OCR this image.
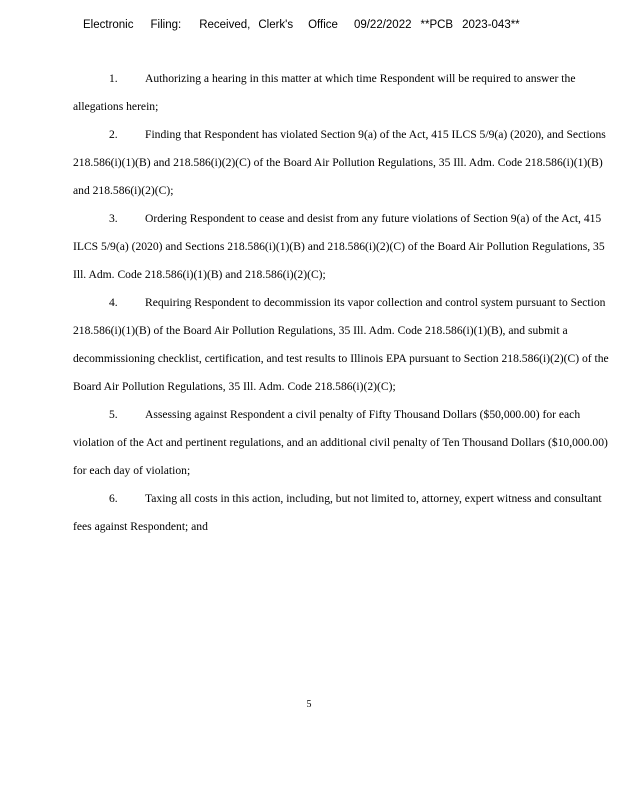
Electronic Filing: Received, Clerk's Office 09/22/2022 **PCB 2023-043**

1. Authorizing a hearing in this matter at which time Respondent will be required to answer the allegations herein;

2. Finding that Respondent has violated Section 9(a) of the Act, 415 ILCS 5/9(a) (2020), and Sections 218.586(i)(1)(B) and 218.586(i)(2)(C) of the Board Air Pollution Regulations, 35 Ill. Adm. Code 218.586(i)(1)(B) and 218.586(i)(2)(C);

3. Ordering Respondent to cease and desist from any future violations of Section 9(a) of the Act, 415 ILCS 5/9(a) (2020) and Sections 218.586(i)(1)(B) and 218.586(i)(2)(C) of the Board Air Pollution Regulations, 35 Ill. Adm. Code 218.586(i)(1)(B) and 218.586(i)(2)(C);

4. Requiring Respondent to decommission its vapor collection and control system pursuant to Section 218.586(i)(1)(B) of the Board Air Pollution Regulations, 35 Ill. Adm. Code 218.586(i)(1)(B), and submit a decommissioning checklist, certification, and test results to Illinois EPA pursuant to Section 218.586(i)(2)(C) of the Board Air Pollution Regulations, 35 Ill. Adm. Code 218.586(i)(2)(C);

5. Assessing against Respondent a civil penalty of Fifty Thousand Dollars ($50,000.00) for each violation of the Act and pertinent regulations, and an additional civil penalty of Ten Thousand Dollars ($10,000.00) for each day of violation;

6. Taxing all costs in this action, including, but not limited to, attorney, expert witness and consultant fees against Respondent; and

5
